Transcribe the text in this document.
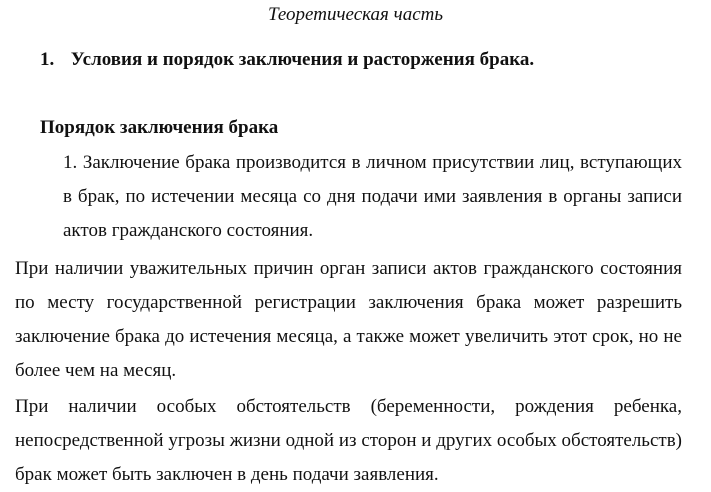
Теоретическая часть
1. Условия и порядок заключения и расторжения брака.
Порядок заключения брака

1. Заключение брака производится в личном присутствии лиц, вступающих в брак, по истечении месяца со дня подачи ими заявления в органы записи актов гражданского состояния.

При наличии уважительных причин орган записи актов гражданского состояния по месту государственной регистрации заключения брака может разрешить заключение брака до истечения месяца, а также может увеличить этот срок, но не более чем на месяц.

При наличии особых обстоятельств (беременности, рождения ребенка, непосредственной угрозы жизни одной из сторон и других особых обстоятельств) брак может быть заключен в день подачи заявления.
